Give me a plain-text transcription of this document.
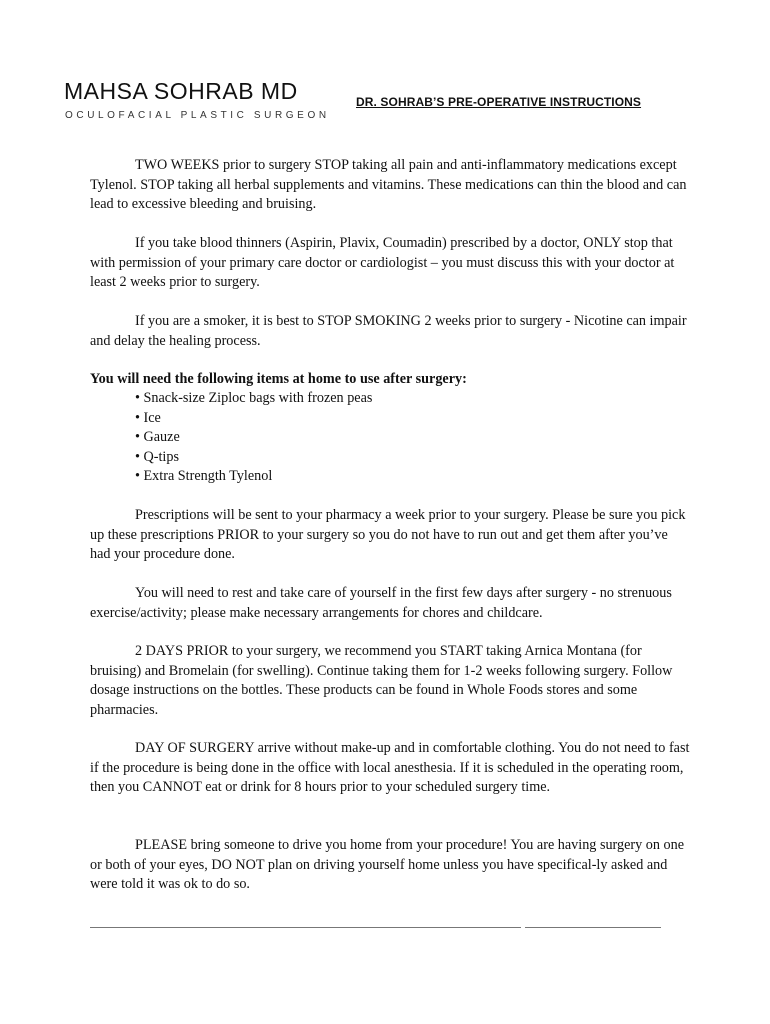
MAHSA SOHRAB MD
OCULOFACIAL PLASTIC SURGEON
DR. SOHRAB’S PRE-OPERATIVE INSTRUCTIONS

TWO WEEKS prior to surgery STOP taking all pain and anti-inflammatory medications except Tylenol. STOP taking all herbal supplements and vitamins. These medications can thin the blood and can lead to excessive bleeding and bruising.

If you take blood thinners (Aspirin, Plavix, Coumadin) prescribed by a doctor, ONLY stop that with permission of your primary care doctor or cardiologist – you must discuss this with your doctor at least 2 weeks prior to surgery.

If you are a smoker, it is best to STOP SMOKING 2 weeks prior to surgery - Nicotine can impair and delay the healing process.

You will need the following items at home to use after surgery:

• Snack-size Ziploc bags with frozen peas
• Ice
• Gauze
• Q-tips
• Extra Strength Tylenol

Prescriptions will be sent to your pharmacy a week prior to your surgery. Please be sure you pick up these prescriptions PRIOR to your surgery so you do not have to run out and get them after you’ve had your procedure done.

You will need to rest and take care of yourself in the first few days after surgery - no strenuous exercise/activity; please make necessary arrangements for chores and childcare.

2 DAYS PRIOR to your surgery, we recommend you START taking Arnica Montana (for bruising) and Bromelain (for swelling). Continue taking them for 1-2 weeks following surgery. Follow dosage instructions on the bottles. These products can be found in Whole Foods stores and some pharmacies.

DAY OF SURGERY arrive without make-up and in comfortable clothing. You do not need to fast if the procedure is being done in the office with local anesthesia. If it is scheduled in the operating room, then you CANNOT eat or drink for 8 hours prior to your scheduled surgery time.

PLEASE bring someone to drive you home from your procedure! You are having surgery on one or both of your eyes, DO NOT plan on driving yourself home unless you have specifical-ly asked and were told it was ok to do so.
